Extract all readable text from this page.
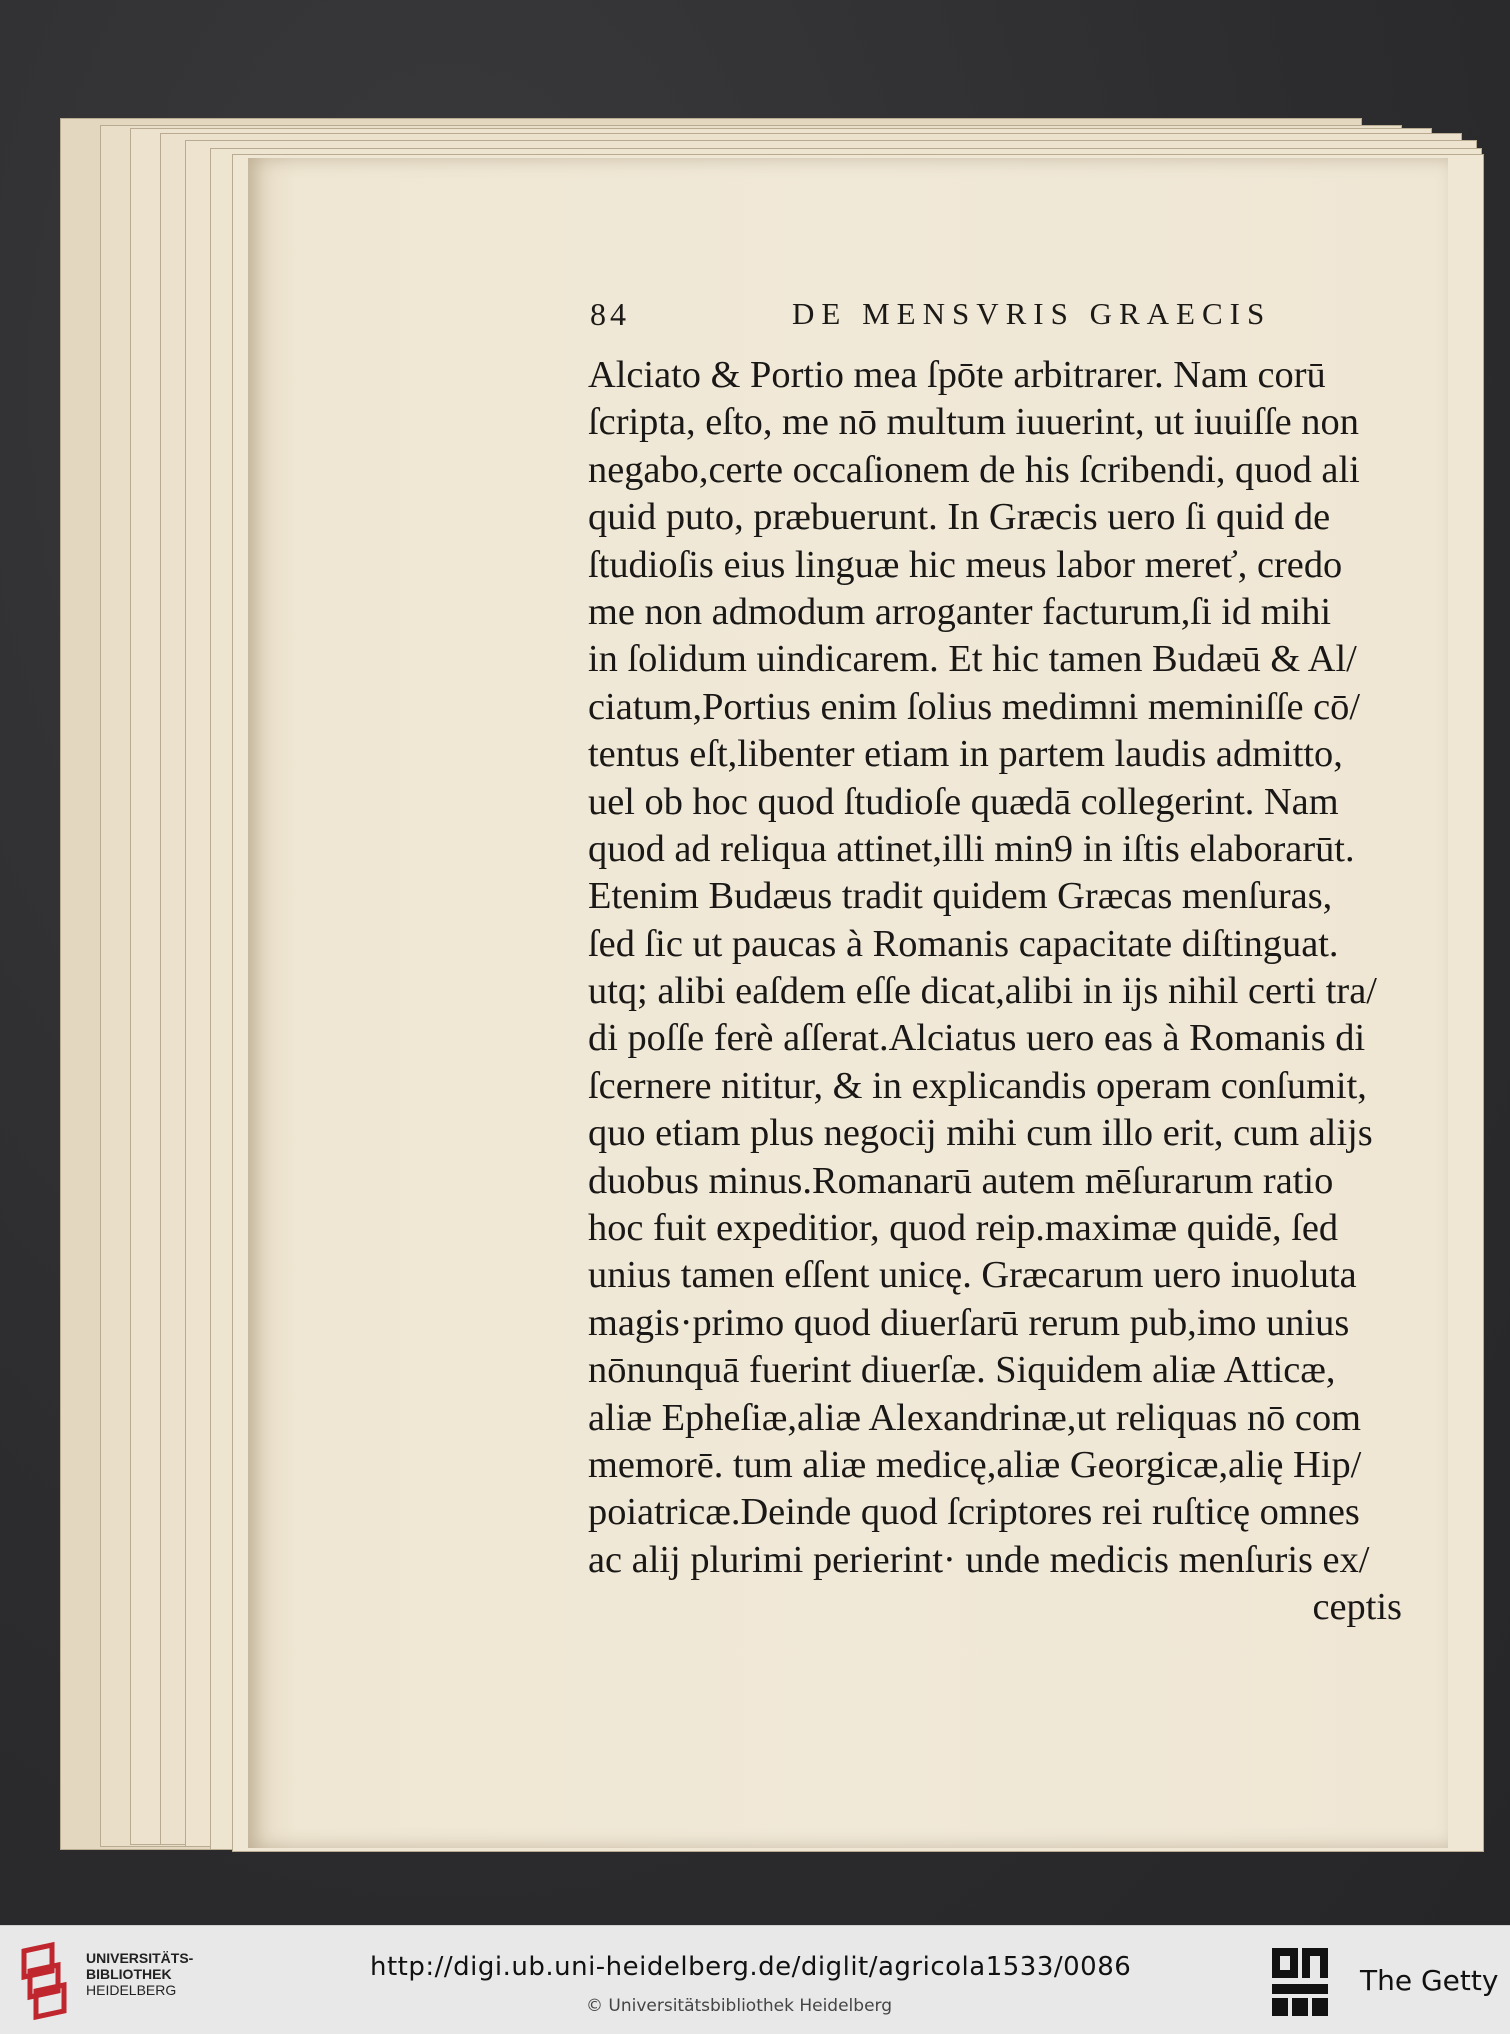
84	DE MENSVRIS GRAECIS
Alciato & Portio mea ſpōte arbitrarer. Nam corū
ſcripta, eſto, me nō multum iuuerint, ut iuuiſſe non
negabo,certe occaſionem de his ſcribendi, quod ali
quid puto, præbuerunt. In Græcis uero ſi quid de
ſtudioſis eius linguæ hic meus labor mereť, credo
me non admodum arroganter facturum,ſi id mihi
in ſolidum uindicarem. Et hic tamen Budæū & Al/
ciatum,Portius enim ſolius medimni meminiſſe cō/
tentus eſt,libenter etiam in partem laudis admitto,
uel ob hoc quod ſtudioſe quædā collegerint. Nam
quod ad reliqua attinet,illi min9 in iſtis elaborarūt.
Etenim Budæus tradit quidem Græcas menſuras,
ſed ſic ut paucas à Romanis capacitate diſtinguat.
utq; alibi eaſdem eſſe dicat,alibi in ijs nihil certi tra/
di poſſe ferè aſſerat.Alciatus uero eas à Romanis di
ſcernere nititur, & in explicandis operam conſumit,
quo etiam plus negocij mihi cum illo erit, cum alijs
duobus minus.Romanarū autem mēſurarum ratio
hoc fuit expeditior, quod reip.maximæ quidē, ſed
unius tamen eſſent unicę. Græcarum uero inuoluta
magis·primo quod diuerſarū rerum pub,imo unius
nōnunquā fuerint diuerſæ. Siquidem aliæ Atticæ,
aliæ Epheſiæ,aliæ Alexandrinæ,ut reliquas nō com
memorē. tum aliæ medicę,aliæ Georgicæ,alię Hip/
poiatricæ.Deinde quod ſcriptores rei ruſticę omnes
ac alij plurimi perierint· unde medicis menſuris ex/
ceptis
UNIVERSITÄTS-
BIBLIOTHEK
HEIDELBERG
http://digi.ub.uni-heidelberg.de/diglit/agricola1533/0086
© Universitätsbibliothek Heidelberg
The Getty
